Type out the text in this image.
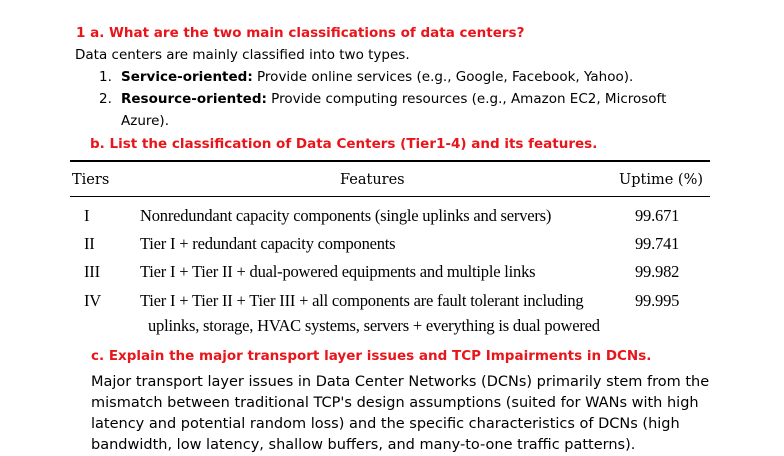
1 a. What are the two main classifications of data centers?
Data centers are mainly classified into two types.
1. Service-oriented: Provide online services (e.g., Google, Facebook, Yahoo).
2. Resource-oriented: Provide computing resources (e.g., Amazon EC2, Microsoft
Azure).
b. List the classification of Data Centers (Tier1-4) and its features.
Tiers	Features	Uptime (%)
I	Nonredundant capacity components (single uplinks and servers)	99.671
II	Tier I + redundant capacity components	99.741
III Tier I + Tier II + dual-powered equipments and multiple links	99.982
IV Tier I + Tier II + Tier III + all components are fault tolerant including	99.995
uplinks, storage, HVAC systems, servers + everything is dual powered
c. Explain the major transport layer issues and TCP Impairments in DCNs.
Major transport layer issues in Data Center Networks (DCNs) primarily stem from the
mismatch between traditional TCP's design assumptions (suited for WANs with high
latency and potential random loss) and the specific characteristics of DCNs (high
bandwidth, low latency, shallow buffers, and many-to-one traffic patterns).
